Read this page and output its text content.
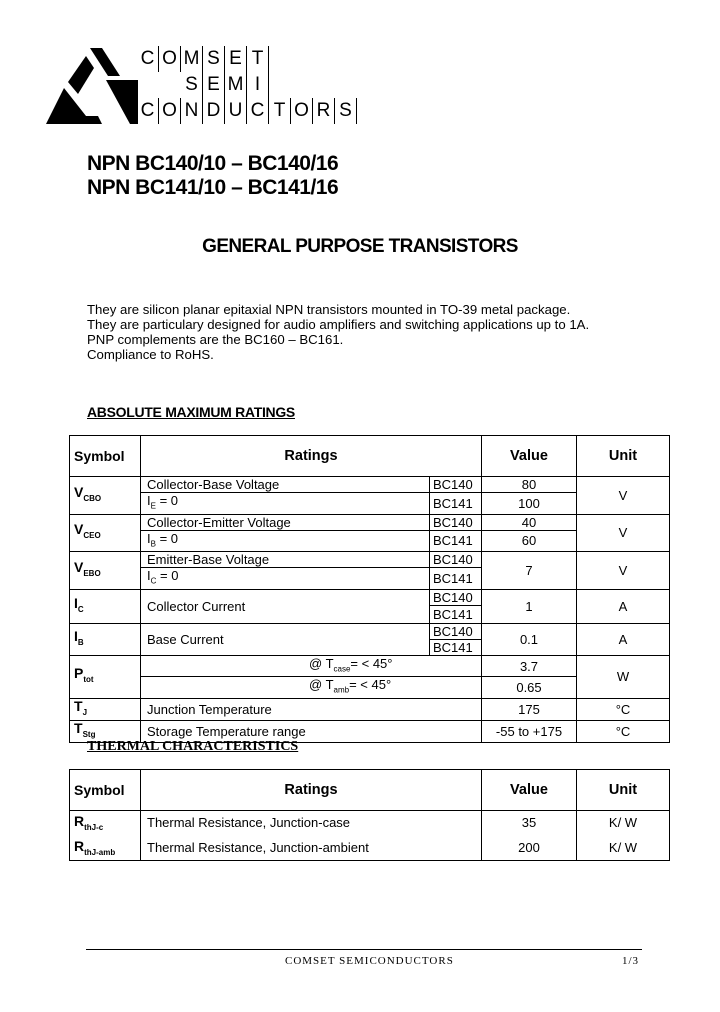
C O M S E T
S E M I
C O N D U C T O R S
NPN BC140/10 – BC140/16
NPN BC141/10 – BC141/16
GENERAL PURPOSE TRANSISTORS
They are silicon planar epitaxial NPN transistors mounted in TO-39 metal package.
They are particulary designed for audio amplifiers and switching applications up to 1A.
PNP complements are the BC160 – BC161.
Compliance to RoHS.
ABSOLUTE MAXIMUM RATINGS
Symbol	Ratings		Value	Unit
$V_{CBO}$	Collector-Base Voltage	BC140	80	V
	$I_E = 0$	BC141	100	
$V_{CEO}$	Collector-Emitter Voltage	BC140	40	V
	$I_B = 0$	BC141	60	
$V_{EBO}$	Emitter-Base Voltage	BC140	7	V
	$I_C = 0$	BC141		
$I_C$	Collector Current	BC140	1	A
		BC141		
$I_B$	Base Current	BC140	0.1	A
		BC141		
$P_{tot}$	@ $T_{case}= < 45^\circ$		3.7	W
	@ $T_{amb}= < 45^\circ$		0.65	
$T_J$	Junction Temperature		175	°C
$T_{Stg}$	Storage Temperature range		-55 to +175	°C
THERMAL CHARACTERISTICS
Symbol	Ratings	Value	Unit
$R_{thJ-c}$	Thermal Resistance, Junction-case	35	K/ W
$R_{thJ-amb}$	Thermal Resistance, Junction-ambient	200	K/ W
COMSET SEMICONDUCTORS	1/3
